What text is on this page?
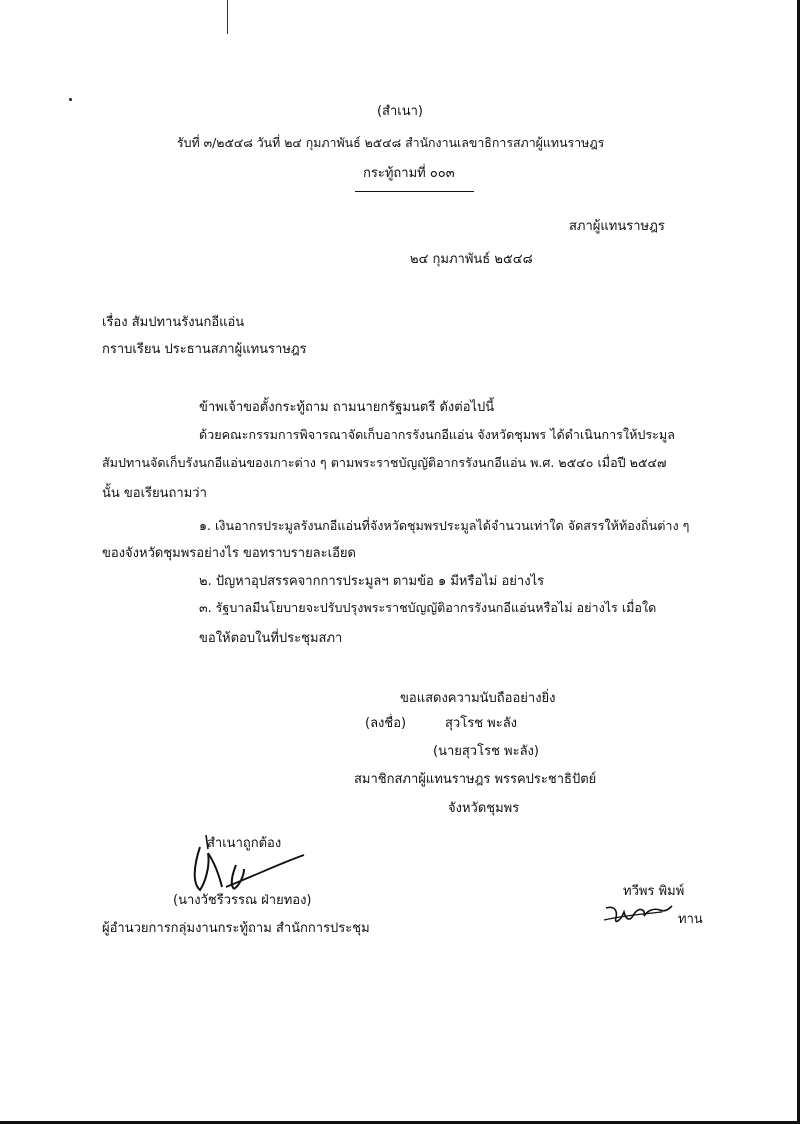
(สำเนา)
รับที่ ๓/๒๕๔๘ วันที่ ๒๔ กุมภาพันธ์ ๒๕๔๘ สำนักงานเลขาธิการสภาผู้แทนราษฎร
กระทู้ถามที่ ๐๐๓
สภาผู้แทนราษฎร
๒๔ กุมภาพันธ์ ๒๕๔๘
เรื่อง สัมปทานรังนกอีแอ่น
กราบเรียน ประธานสภาผู้แทนราษฎร
ข้าพเจ้าขอตั้งกระทู้ถาม ถามนายกรัฐมนตรี ดังต่อไปนี้
ด้วยคณะกรรมการพิจารณาจัดเก็บอากรรังนกอีแอ่น จังหวัดชุมพร ได้ดำเนินการให้ประมูล
สัมปทานจัดเก็บรังนกอีแอ่นของเกาะต่าง ๆ ตามพระราชบัญญัติอากรรังนกอีแอ่น พ.ศ. ๒๕๔๐ เมื่อปี ๒๕๔๗
นั้น ขอเรียนถามว่า
๑. เงินอากรประมูลรังนกอีแอ่นที่จังหวัดชุมพรประมูลได้จำนวนเท่าใด จัดสรรให้ท้องถิ่นต่าง ๆ
ของจังหวัดชุมพรอย่างไร ขอทราบรายละเอียด
๒. ปัญหาอุปสรรคจากการประมูลฯ ตามข้อ ๑ มีหรือไม่ อย่างไร
๓. รัฐบาลมีนโยบายจะปรับปรุงพระราชบัญญัติอากรรังนกอีแอ่นหรือไม่ อย่างไร เมื่อใด
ขอให้ตอบในที่ประชุมสภา
ขอแสดงความนับถืออย่างยิ่ง
(ลงชื่อ)	สุวโรช พะลัง
(นายสุวโรช พะลัง)
สมาชิกสภาผู้แทนราษฎร พรรคประชาธิปัตย์
จังหวัดชุมพร
สำเนาถูกต้อง
(นางวัชรีวรรณ ฝ่ายทอง)
ผู้อำนวยการกลุ่มงานกระทู้ถาม สำนักการประชุม
ทวีพร พิมพ์
ทาน
